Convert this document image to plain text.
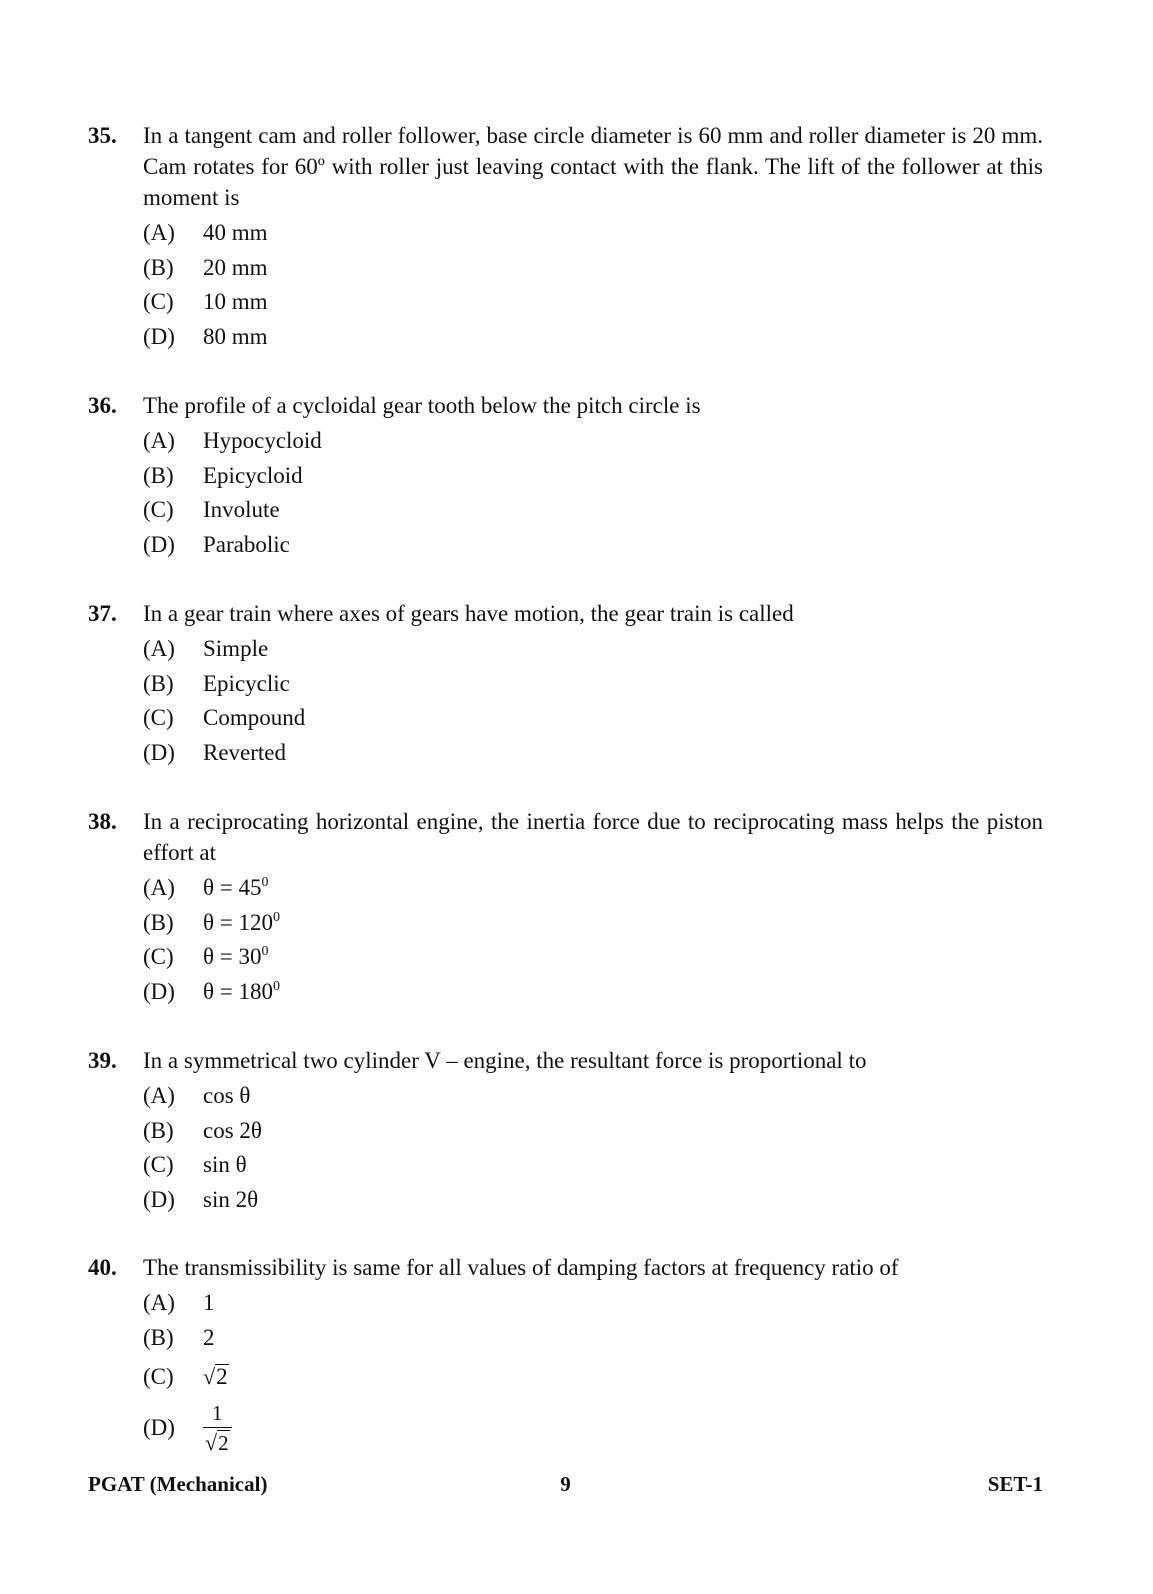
35. In a tangent cam and roller follower, base circle diameter is 60 mm and roller diameter is 20 mm. Cam rotates for 60º with roller just leaving contact with the flank. The lift of the follower at this moment is
(A)	40 mm
(B)	20 mm
(C)	10 mm
(D)	80 mm
36. The profile of a cycloidal gear tooth below the pitch circle is
(A)	Hypocycloid
(B)	Epicycloid
(C)	Involute
(D)	Parabolic
37. In a gear train where axes of gears have motion, the gear train is called
(A)	Simple
(B)	Epicyclic
(C)	Compound
(D)	Reverted
38. In a reciprocating horizontal engine, the inertia force due to reciprocating mass helps the piston effort at
(A)	$\theta = 45^0$
(B)	$\theta = 120^0$
(C)	$\theta = 30^0$
(D)	$\theta = 180^0$
39. In a symmetrical two cylinder V – engine, the resultant force is proportional to
(A)	cos θ
(B)	cos 2θ
(C)	sin θ
(D)	sin 2θ
40. The transmissibility is same for all values of damping factors at frequency ratio of
(A)	1
(B)	2
(C)	√2
(D)	$\frac{1}{√2}$
PGAT (Mechanical)	9	SET-1
